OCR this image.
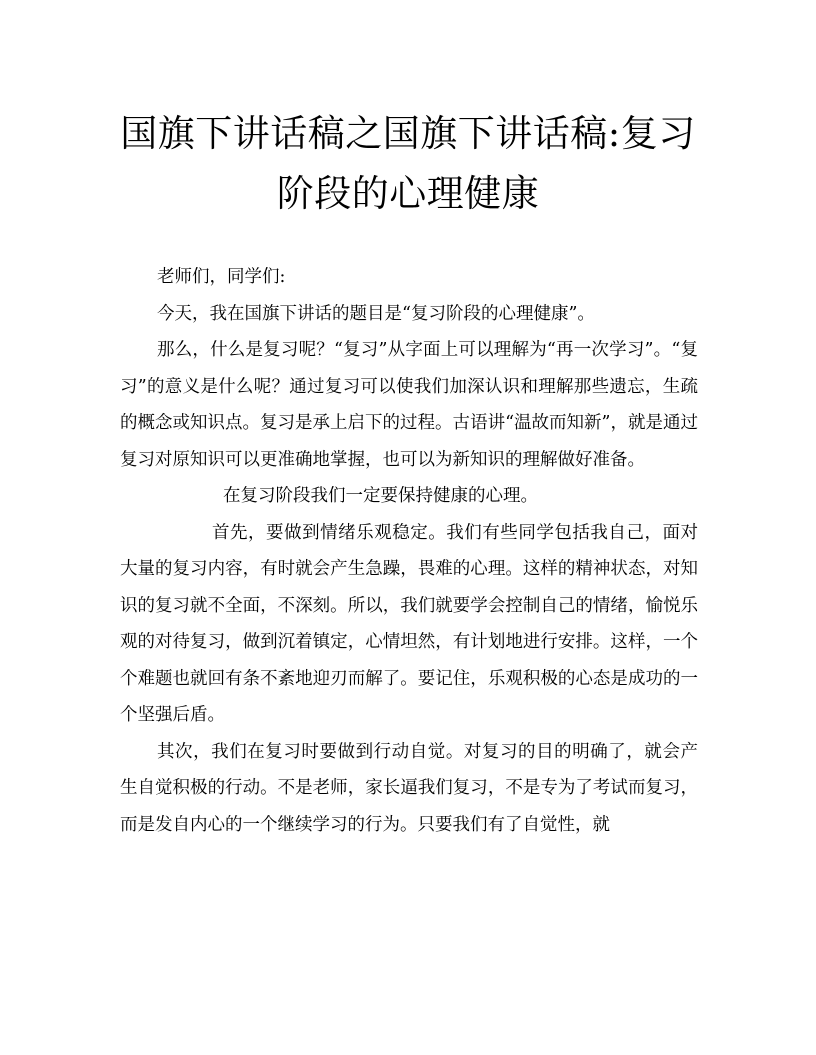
国旗下讲话稿之国旗下讲话稿:复习阶段的心理健康

老师们，同学们:

今天，我在国旗下讲话的题目是“复习阶段的心理健康”。

那么，什么是复习呢？“复习”从字面上可以理解为“再一次学习”。“复习”的意义是什么呢？通过复习可以使我们加深认识和理解那些遗忘，生疏的概念或知识点。复习是承上启下的过程。古语讲“温故而知新”，就是通过复习对原知识可以更准确地掌握，也可以为新知识的理解做好准备。

在复习阶段我们一定要保持健康的心理。

首先，要做到情绪乐观稳定。我们有些同学包括我自己，面对大量的复习内容，有时就会产生急躁，畏难的心理。这样的精神状态，对知识的复习就不全面，不深刻。所以，我们就要学会控制自己的情绪，愉悦乐观的对待复习，做到沉着镇定，心情坦然，有计划地进行安排。这样，一个个难题也就回有条不紊地迎刃而解了。要记住，乐观积极的心态是成功的一个坚强后盾。

其次，我们在复习时要做到行动自觉。对复习的目的明确了，就会产生自觉积极的行动。不是老师，家长逼我们复习，不是专为了考试而复习，而是发自内心的一个继续学习的行为。只要我们有了自觉性，就
